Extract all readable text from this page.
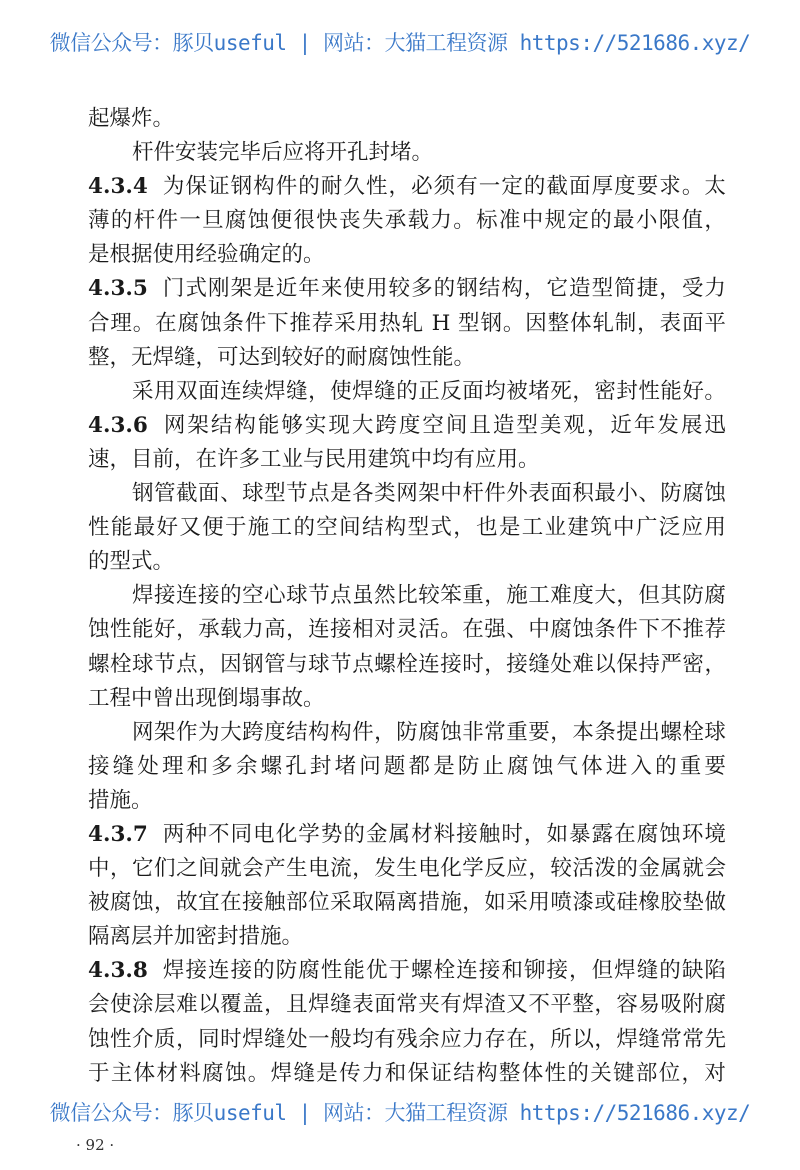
微信公众号：豚贝useful | 网站：大猫工程资源 https://521686.xyz/
起爆炸。
杆件安装完毕后应将开孔封堵。
4.3.4 为​保​证​钢​构​件​的​耐​久​性​，​必​须​有​一​定​的​截​面​厚​度​要​求​。​太​
薄​的​杆​件​一​旦​腐​蚀​便​很​快​丧​失​承​载​力​。​标​准​中​规​定​的​最​小​限​值​，​
是根据使用经验确定的。
4.3.5 门​式​刚​架​是​近​年​来​使​用​较​多​的​钢​结​构​，​它​造​型​简​捷​，​受​力​
合​理​。​在​腐​蚀​条​件​下​推​荐​采​用​热​轧​ ​H​ ​型​钢​。​因​整​体​轧​制​，​表​面​平​
整，无焊缝，可达到较好的耐腐蚀性能。
采​用​双​面​连​续​焊​缝​，​使​焊​缝​的​正​反​面​均​被​堵​死​，​密​封​性​能​好​。​
4.3.6 网​架​结​构​能​够​实​现​大​跨​度​空​间​且​造​型​美​观​，​近​年​发​展​迅​
速，目前，在许多工业与民用建筑中均有应用。
钢​管​截​面​、​球​型​节​点​是​各​类​网​架​中​杆​件​外​表​面​积​最​小​、​防​腐​蚀​
性​能​最​好​又​便​于​施​工​的​空​间​结​构​型​式​，​也​是​工​业​建​筑​中​广​泛​应​用​
的型式。
焊​接​连​接​的​空​心​球​节​点​虽​然​比​较​笨​重​，​施​工​难​度​大​，​但​其​防​腐​
蚀​性​能​好​，​承​载​力​高​，​连​接​相​对​灵​活​。​在​强​、​中​腐​蚀​条​件​下​不​推​荐​
螺​栓​球​节​点​，​因​钢​管​与​球​节​点​螺​栓​连​接​时​，​接​缝​处​难​以​保​持​严​密​，​
工程中曾出现倒塌事故。
网​架​作​为​大​跨​度​结​构​构​件​，​防​腐​蚀​非​常​重​要​，​本​条​提​出​螺​栓​球​
接​缝​处​理​和​多​余​螺​孔​封​堵​问​题​都​是​防​止​腐​蚀​气​体​进​入​的​重​要​
措施。
4.3.7 两​种​不​同​电​化​学​势​的​金​属​材​料​接​触​时​，​如​暴​露​在​腐​蚀​环​境​
中​，​它​们​之​间​就​会​产​生​电​流​，​发​生​电​化​学​反​应​，​较​活​泼​的​金​属​就​会​
被​腐​蚀​，​故​宜​在​接​触​部​位​采​取​隔​离​措​施​，​如​采​用​喷​漆​或​硅​橡​胶​垫​做​
隔离层并加密封措施。
4.3.8 焊​接​连​接​的​防​腐​性​能​优​于​螺​栓​连​接​和​铆​接​，​但​焊​缝​的​缺​陷​
会​使​涂​层​难​以​覆​盖​，​且​焊​缝​表​面​常​夹​有​焊​渣​又​不​平​整​，​容​易​吸​附​腐​
蚀​性​介​质​，​同​时​焊​缝​处​一​般​均​有​残​余​应​力​存​在​，​所​以​，​焊​缝​常​常​先​
于​主​体​材​料​腐​蚀​。​焊​缝​是​传​力​和​保​证​结​构​整​体​性​的​关​键​部​位​，​对​
微信公众号：豚贝useful | 网站：大猫工程资源 https://521686.xyz/
· 92 ·
